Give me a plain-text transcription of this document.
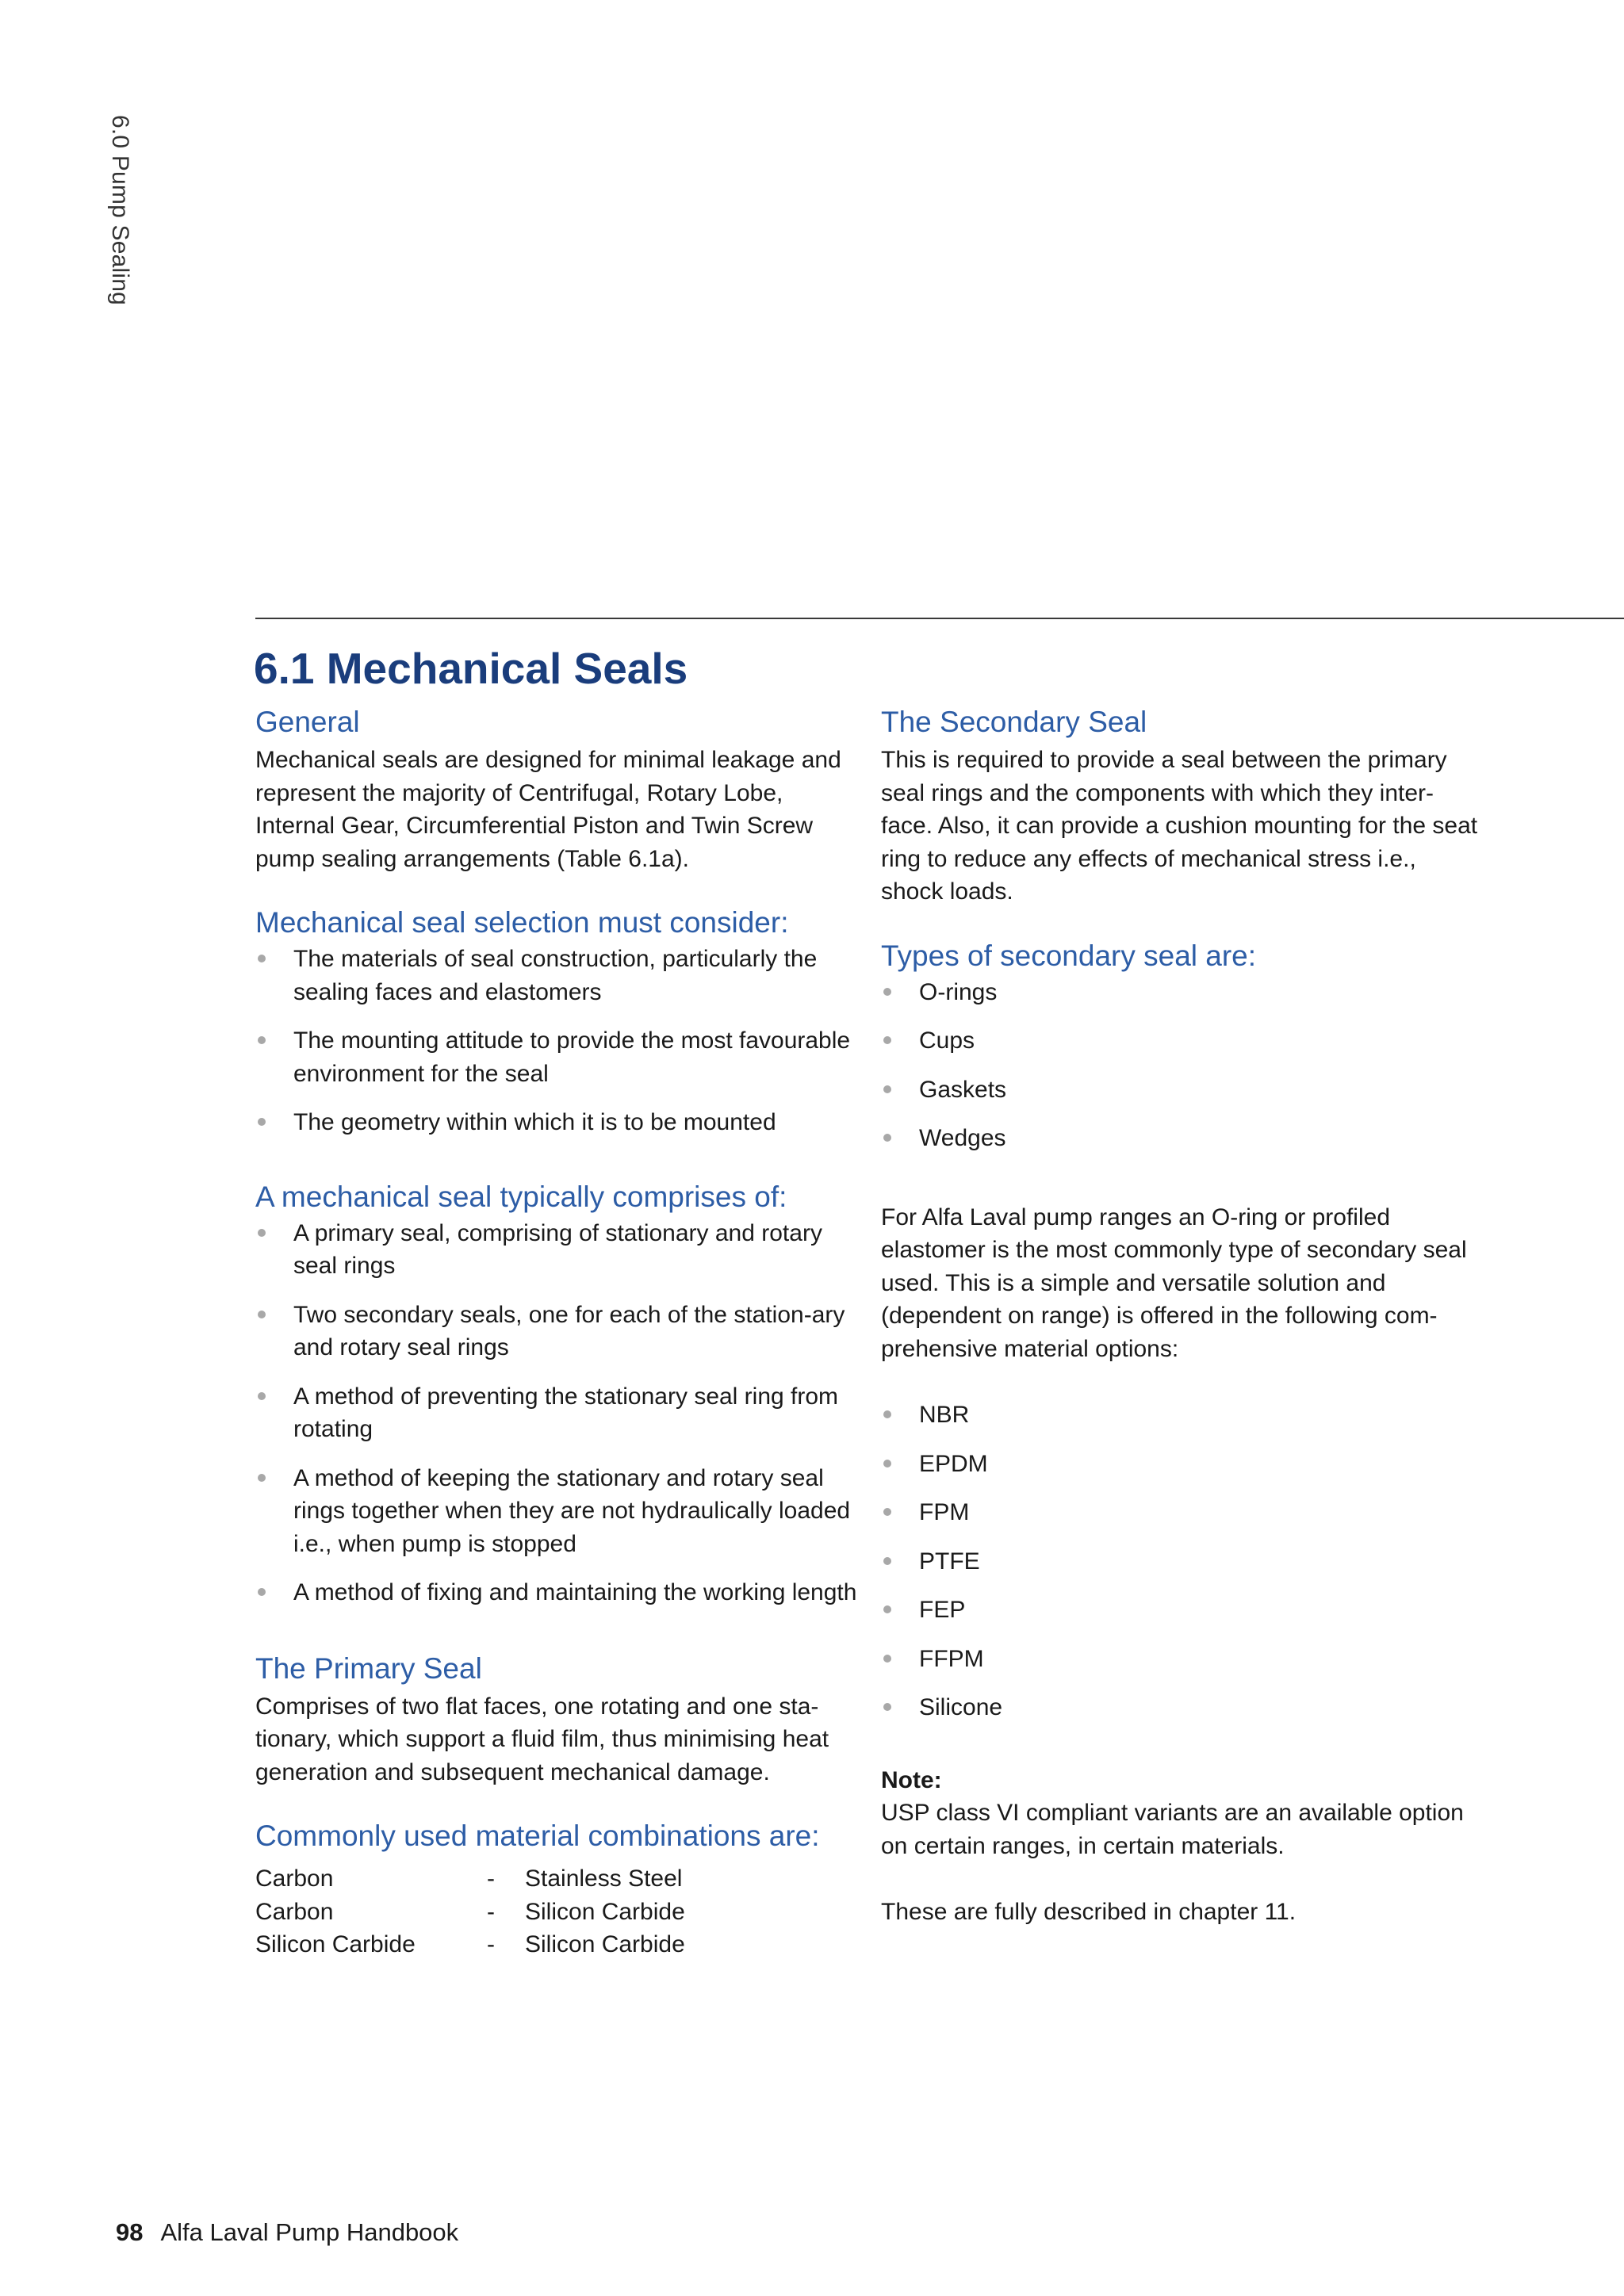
6.0 Pump Sealing
6.1 Mechanical Seals
General

Mechanical seals are designed for minimal leakage and represent the majority of Centrifugal, Rotary Lobe, Internal Gear, Circumferential Piston and Twin Screw pump sealing arrangements (Table 6.1a).

Mechanical seal selection must consider:
The materials of seal construction, particularly the sealing faces and elastomers
The mounting attitude to provide the most favourable environment for the seal
The geometry within which it is to be mounted
A mechanical seal typically comprises of:
A primary seal, comprising of stationary and rotary seal rings
Two secondary seals, one for each of the station-ary and rotary seal rings
A method of preventing the stationary seal ring from rotating
A method of keeping the stationary and rotary seal rings together when they are not hydraulically loaded i.e., when pump is stopped
A method of fixing and maintaining the working length
The Primary Seal

Comprises of two flat faces, one rotating and one sta-tionary, which support a fluid film, thus minimising heat generation and subsequent mechanical damage.

Commonly used material combinations are:
Carbon	-	Stainless Steel
Carbon	-	Silicon Carbide
Silicon Carbide	-	Silicon Carbide
The Secondary Seal

This is required to provide a seal between the primary seal rings and the components with which they inter-face. Also, it can provide a cushion mounting for the seat ring to reduce any effects of mechanical stress i.e., shock loads.

Types of secondary seal are:
O-rings
Cups
Gaskets
Wedges

For Alfa Laval pump ranges an O-ring or profiled elastomer is the most commonly type of secondary seal used. This is a simple and versatile solution and (dependent on range) is offered in the following com-prehensive material options:

NBR
EPDM
FPM
PTFE
FEP
FFPM
Silicone

Note:

USP class VI compliant variants are an available option on certain ranges, in certain materials.

These are fully described in chapter 11.

98 Alfa Laval Pump Handbook
